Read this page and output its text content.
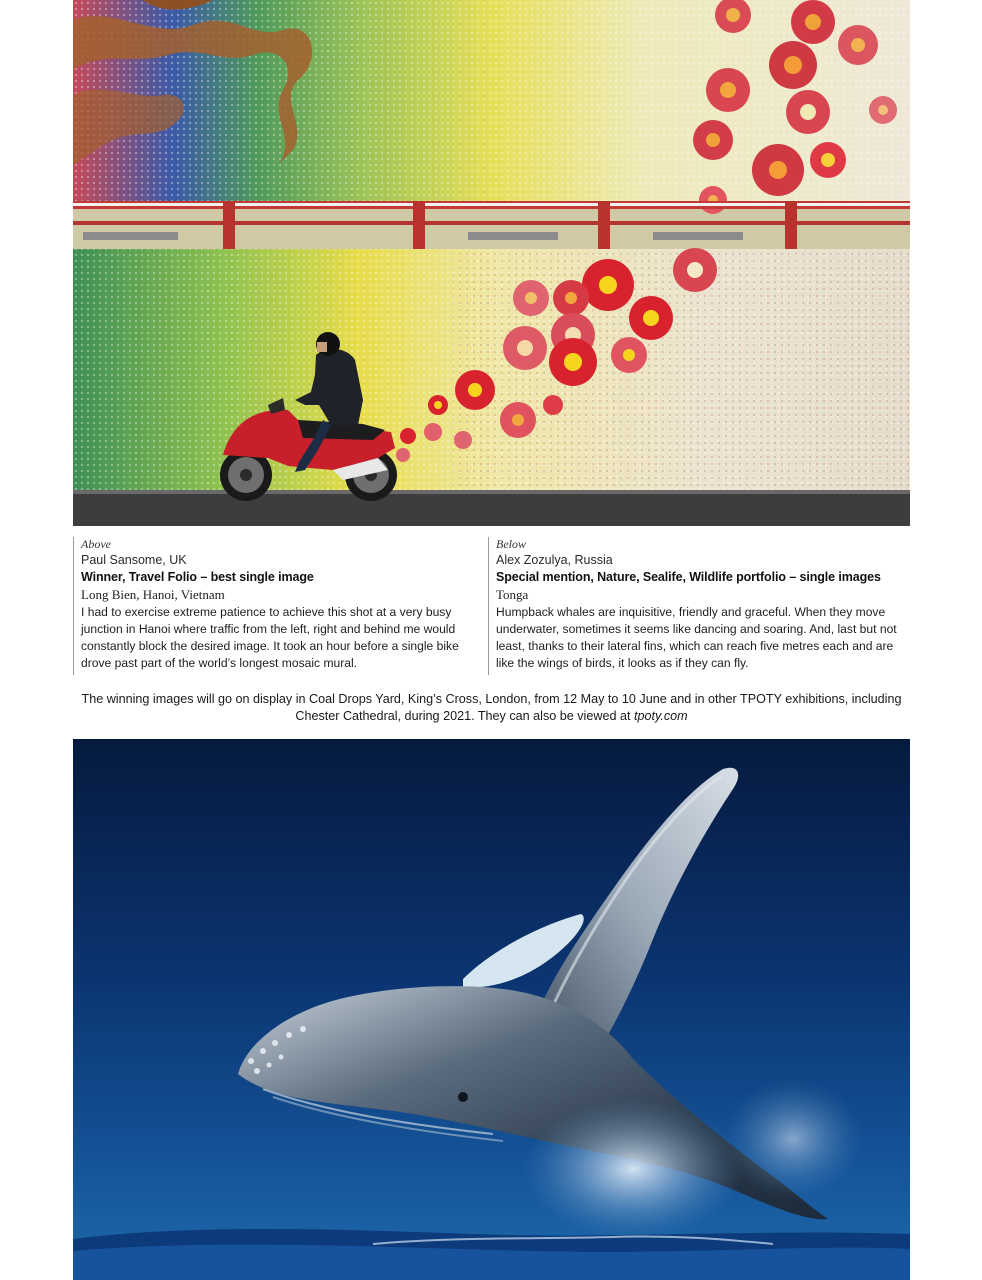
Above
Paul Sansome, UK
Winner, Travel Folio – best single image
Long Bien, Hanoi, Vietnam
I had to exercise extreme patience to achieve this shot at a very busy junction in Hanoi where traffic from the left, right and behind me would constantly block the desired image. It took an hour before a single bike drove past part of the world’s longest mosaic mural.
Below
Alex Zozulya, Russia
Special mention, Nature, Sealife, Wildlife portfolio – single images
Tonga
Humpback whales are inquisitive, friendly and graceful. When they move underwater, sometimes it seems like dancing and soaring. And, last but not least, thanks to their lateral fins, which can reach five metres each and are like the wings of birds, it looks as if they can fly.
The winning images will go on display in Coal Drops Yard, King’s Cross, London, from 12 May to 10 June and in other TPOTY exhibitions, including Chester Cathedral, during 2021. They can also be viewed at tpoty.com
